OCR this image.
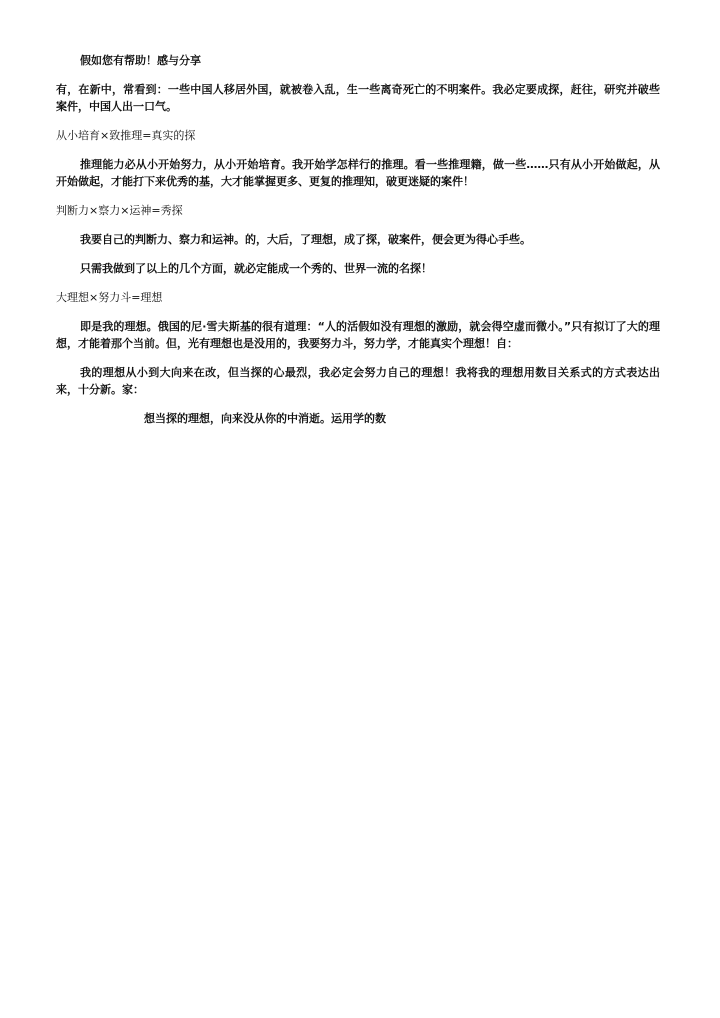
假如您有帮助！感与分享

有，在新中，常看到：一些中国人移居外国，就被卷入乱，生一些离奇死亡的不明案件。我必定要成探，赶往，研究并破些案件，中国人出一口气。

从小培育×致推理=真实的探

推理能力必从小开始努力，从小开始培育。我开始学怎样行的推理。看一些推理籍，做一些……只有从小开始做起，从开始做起，才能打下来优秀的基，大才能掌握更多、更复的推理知，破更迷疑的案件！

判断力×察力×运神=秀探

我要自己的判断力、察力和运神。的，大后，了理想，成了探，破案件，便会更为得心手些。

只需我做到了以上的几个方面，就必定能成一个秀的、世界一流的名探！

大理想×努力斗=理想

即是我的理想。俄国的尼·雪夫斯基的很有道理：“人的活假如没有理想的激励，就会得空虚而微小。”只有拟订了大的理想，才能着那个当前。但，光有理想也是没用的，我要努力斗，努力学，才能真实个理想！自：

我的理想从小到大向来在改，但当探的心最烈，我必定会努力自己的理想！我将我的理想用数目关系式的方式表达出来，十分新。家：

想当探的理想，向来没从你的中消逝。运用学的数
